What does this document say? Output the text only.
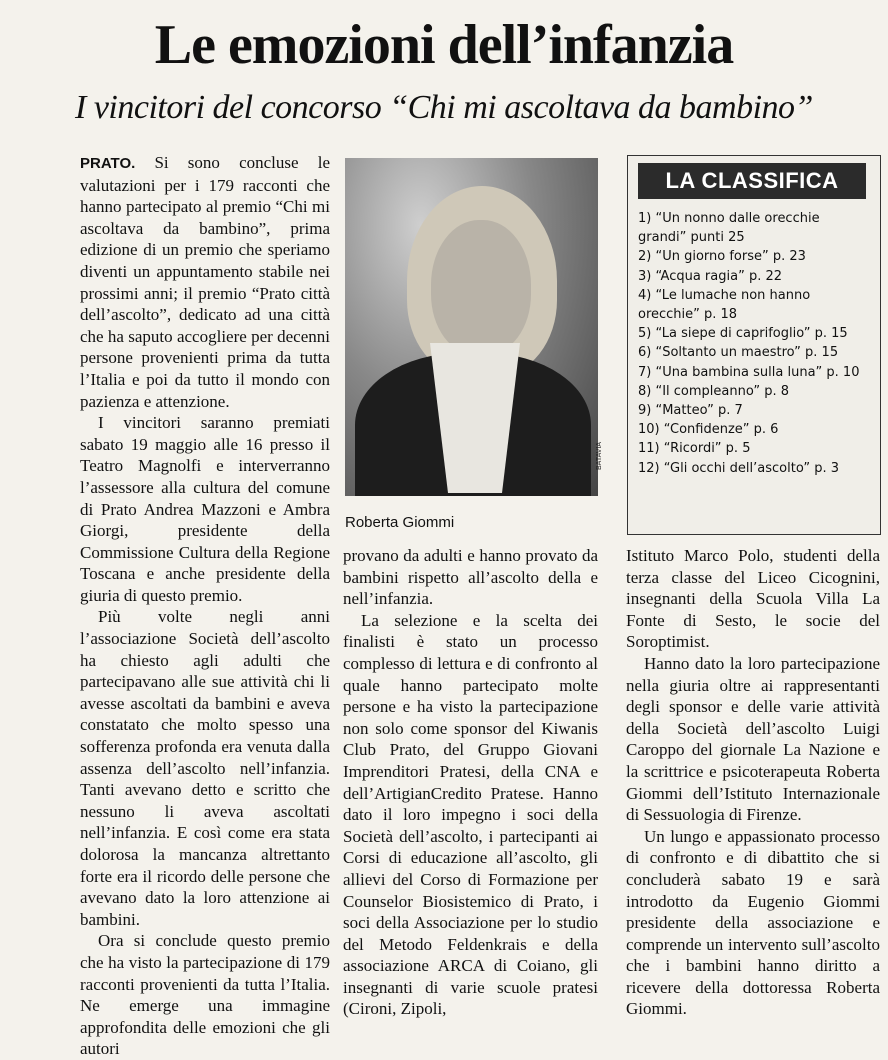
Le emozioni dell’infanzia
I vincitori del concorso “Chi mi ascoltava da bambino”

PRATO. Si sono concluse le valutazioni per i 179 racconti che hanno partecipato al premio “Chi mi ascoltava da bambino”, prima edizione di un premio che speriamo diventi un appuntamento stabile nei prossimi anni; il premio “Prato città dell’ascolto”, dedicato ad una città che ha saputo accogliere per decenni persone provenienti prima da tutta l’Italia e poi da tutto il mondo con pazienza e attenzione.

I vincitori saranno premiati sabato 19 maggio alle 16 presso il Teatro Magnolfi e interverranno l’assessore alla cultura del comune di Prato Andrea Mazzoni e Ambra Giorgi, presidente della Commissione Cultura della Regione Toscana e anche presidente della giuria di questo premio.

Più volte negli anni l’associazione Società dell’ascolto ha chiesto agli adulti che partecipavano alle sue attività chi li avesse ascoltati da bambini e aveva constatato che molto spesso una sofferenza profonda era venuta dalla assenza dell’ascolto nell’infanzia. Tanti avevano detto e scritto che nessuno li aveva ascoltati nell’infanzia. E così come era stata dolorosa la mancanza altrettanto forte era il ricordo delle persone che avevano dato la loro attenzione ai bambini.

Ora si conclude questo premio che ha visto la partecipazione di 179 racconti provenienti da tutta l’Italia. Ne emerge una immagine approfondita delle emozioni che gli autori

BATAVIA
Roberta Giommi
LA CLASSIFICA
1) “Un nonno dalle orecchie grandi” punti 25
2) “Un giorno forse” p. 23
3) “Acqua ragia” p. 22
4) “Le lumache non hanno orecchie” p. 18
5) “La siepe di caprifoglio” p. 15
6) “Soltanto un maestro” p. 15
7) “Una bambina sulla luna” p. 10
8) “Il compleanno” p. 8
9) “Matteo” p. 7
10) “Confidenze” p. 6
11) “Ricordi” p. 5
12) “Gli occhi dell’ascolto” p. 3

provano da adulti e hanno provato da bambini rispetto all’ascolto della e nell’infanzia.

La selezione e la scelta dei finalisti è stato un processo complesso di lettura e di confronto al quale hanno partecipato molte persone e ha visto la partecipazione non solo come sponsor del Kiwanis Club Prato, del Gruppo Giovani Imprenditori Pratesi, della CNA e dell’ArtigianCredito Pratese. Hanno dato il loro impegno i soci della Società dell’ascolto, i partecipanti ai Corsi di educazione all’ascolto, gli allievi del Corso di Formazione per Counselor Biosistemico di Prato, i soci della Associazione per lo studio del Metodo Feldenkrais e della associazione ARCA di Coiano, gli insegnanti di varie scuole pratesi (Cironi, Zipoli,

Istituto Marco Polo, studenti della terza classe del Liceo Cicognini, insegnanti della Scuola Villa La Fonte di Sesto, le socie del Soroptimist.

Hanno dato la loro partecipazione nella giuria oltre ai rappresentanti degli sponsor e delle varie attività della Società dell’ascolto Luigi Caroppo del giornale La Nazione e la scrittrice e psicoterapeuta Roberta Giommi dell’Istituto Internazionale di Sessuologia di Firenze.

Un lungo e appassionato processo di confronto e di dibattito che si concluderà sabato 19 e sarà introdotto da Eugenio Giommi presidente della associazione e comprende un intervento sull’ascolto che i bambini hanno diritto a ricevere della dottoressa Roberta Giommi.
